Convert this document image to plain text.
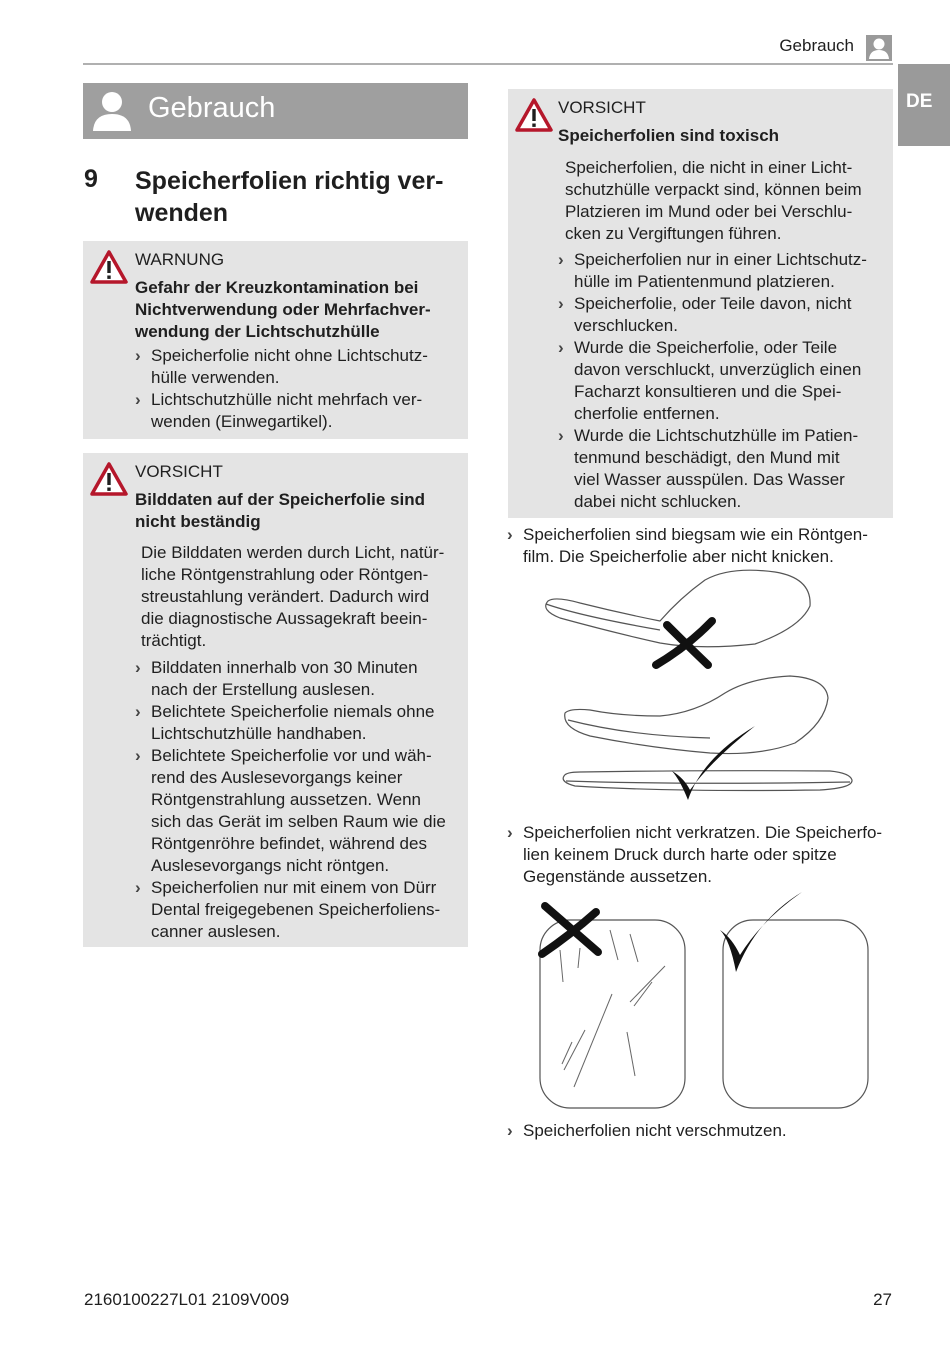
Gebrauch
DE
Gebrauch
9 Speicherfolien richtig ver-
wenden
WARNUNG
Gefahr der Kreuzkontamination bei
Nichtverwendung oder Mehrfachver-
wendung der Lichtschutzhülle
› Speicherfolie nicht ohne Lichtschutz-
hülle verwenden.
› Lichtschutzhülle nicht mehrfach ver-
wenden (Einwegartikel).
VORSICHT
Bilddaten auf der Speicherfolie sind
nicht beständig
Die Bilddaten werden durch Licht, natür-
liche Röntgenstrahlung oder Röntgen-
streustahlung verändert. Dadurch wird
die diagnostische Aussagekraft beein-
trächtigt.
› Bilddaten innerhalb von 30 Minuten
nach der Erstellung auslesen.
› Belichtete Speicherfolie niemals ohne
Lichtschutzhülle handhaben.
› Belichtete Speicherfolie vor und wäh-
rend des Auslesevorgangs keiner
Röntgenstrahlung aussetzen. Wenn
sich das Gerät im selben Raum wie die
Röntgenröhre befindet, während des
Auslesevorgangs nicht röntgen.
› Speicherfolien nur mit einem von Dürr
Dental freigegebenen Speicherfoliens-
canner auslesen.
VORSICHT
Speicherfolien sind toxisch
Speicherfolien, die nicht in einer Licht-
schutzhülle verpackt sind, können beim
Platzieren im Mund oder bei Verschlu-
cken zu Vergiftungen führen.
› Speicherfolien nur in einer Lichtschutz-
hülle im Patientenmund platzieren.
› Speicherfolie, oder Teile davon, nicht
verschlucken.
› Wurde die Speicherfolie, oder Teile
davon verschluckt, unverzüglich einen
Facharzt konsultieren und die Spei-
cherfolie entfernen.
› Wurde die Lichtschutzhülle im Patien-
tenmund beschädigt, den Mund mit
viel Wasser ausspülen. Das Wasser
dabei nicht schlucken.
› Speicherfolien sind biegsam wie ein Röntgen-
film. Die Speicherfolie aber nicht knicken.
› Speicherfolien nicht verkratzen. Die Speicherfo-
lien keinem Druck durch harte oder spitze
Gegenstände aussetzen.
› Speicherfolien nicht verschmutzen.
2160100227L01 2109V009	27
